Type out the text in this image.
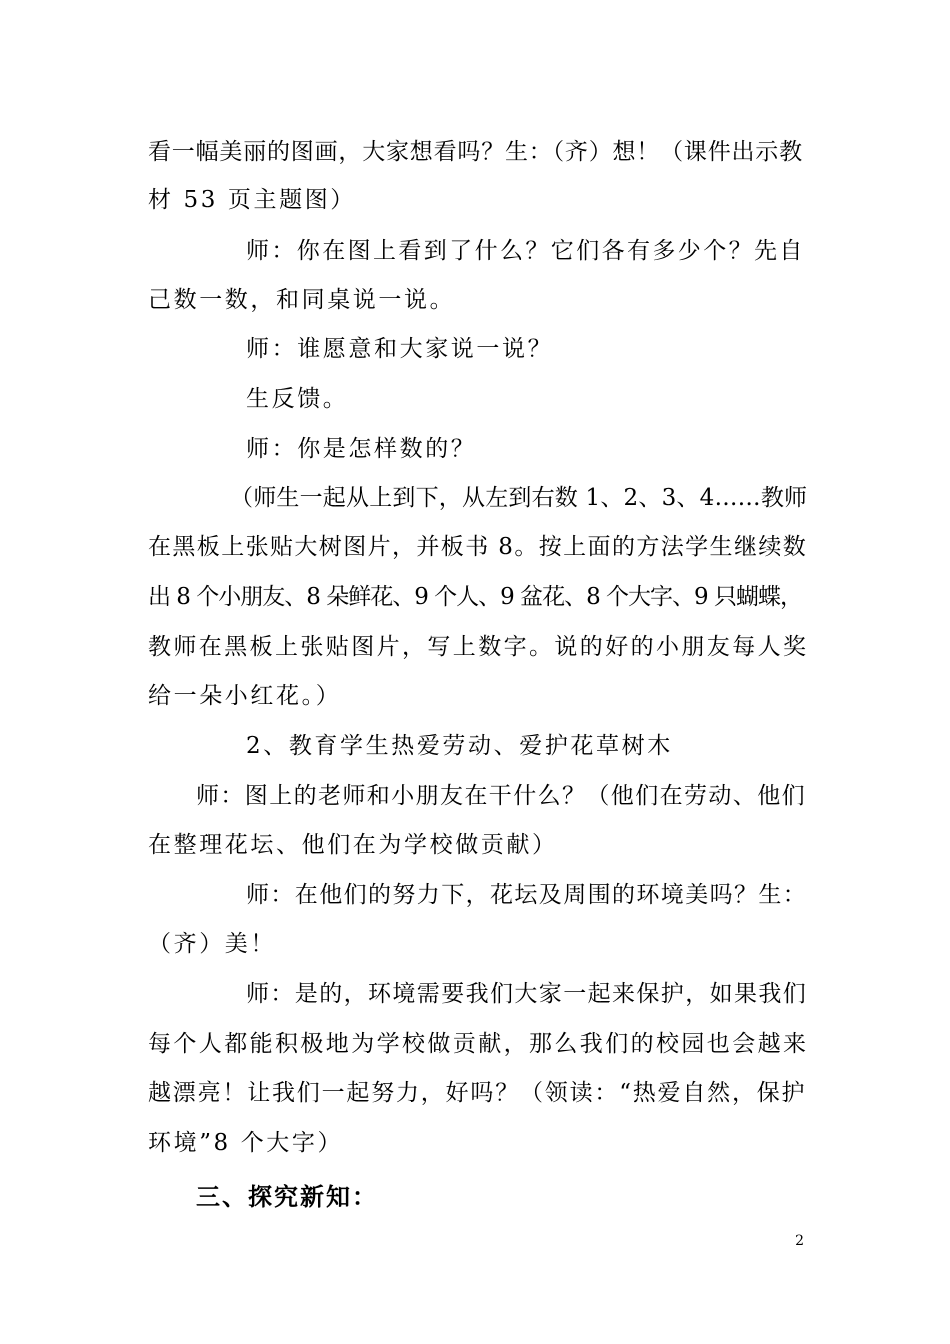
看一幅美丽的图画，大家想看吗？生：（齐）想！（课件出示教
材 53 页主题图）
师：你在图上看到了什么？它们各有多少个？先自
己数一数，和同桌说一说。
师：谁愿意和大家说一说？
生反馈。
师：你是怎样数的？
（师生一起从上到下，从左到右数 1、2、3、4……教师
在黑板上张贴大树图片，并板书 8。按上面的方法学生继续数
出 8 个小朋友、8 朵鲜花、9 个人、9 盆花、8 个大字、9 只蝴蝶，
教师在黑板上张贴图片，写上数字。说的好的小朋友每人奖
给一朵小红花。）
2、教育学生热爱劳动、爱护花草树木
师：图上的老师和小朋友在干什么？（他们在劳动、他们
在整理花坛、他们在为学校做贡献）
师：在他们的努力下，花坛及周围的环境美吗？生：
（齐）美！
师：是的，环境需要我们大家一起来保护，如果我们
每个人都能积极地为学校做贡献，那么我们的校园也会越来
越漂亮！让我们一起努力，好吗？（领读：“热爱自然，保护
环境”8 个大字）
三、探究新知：
2
